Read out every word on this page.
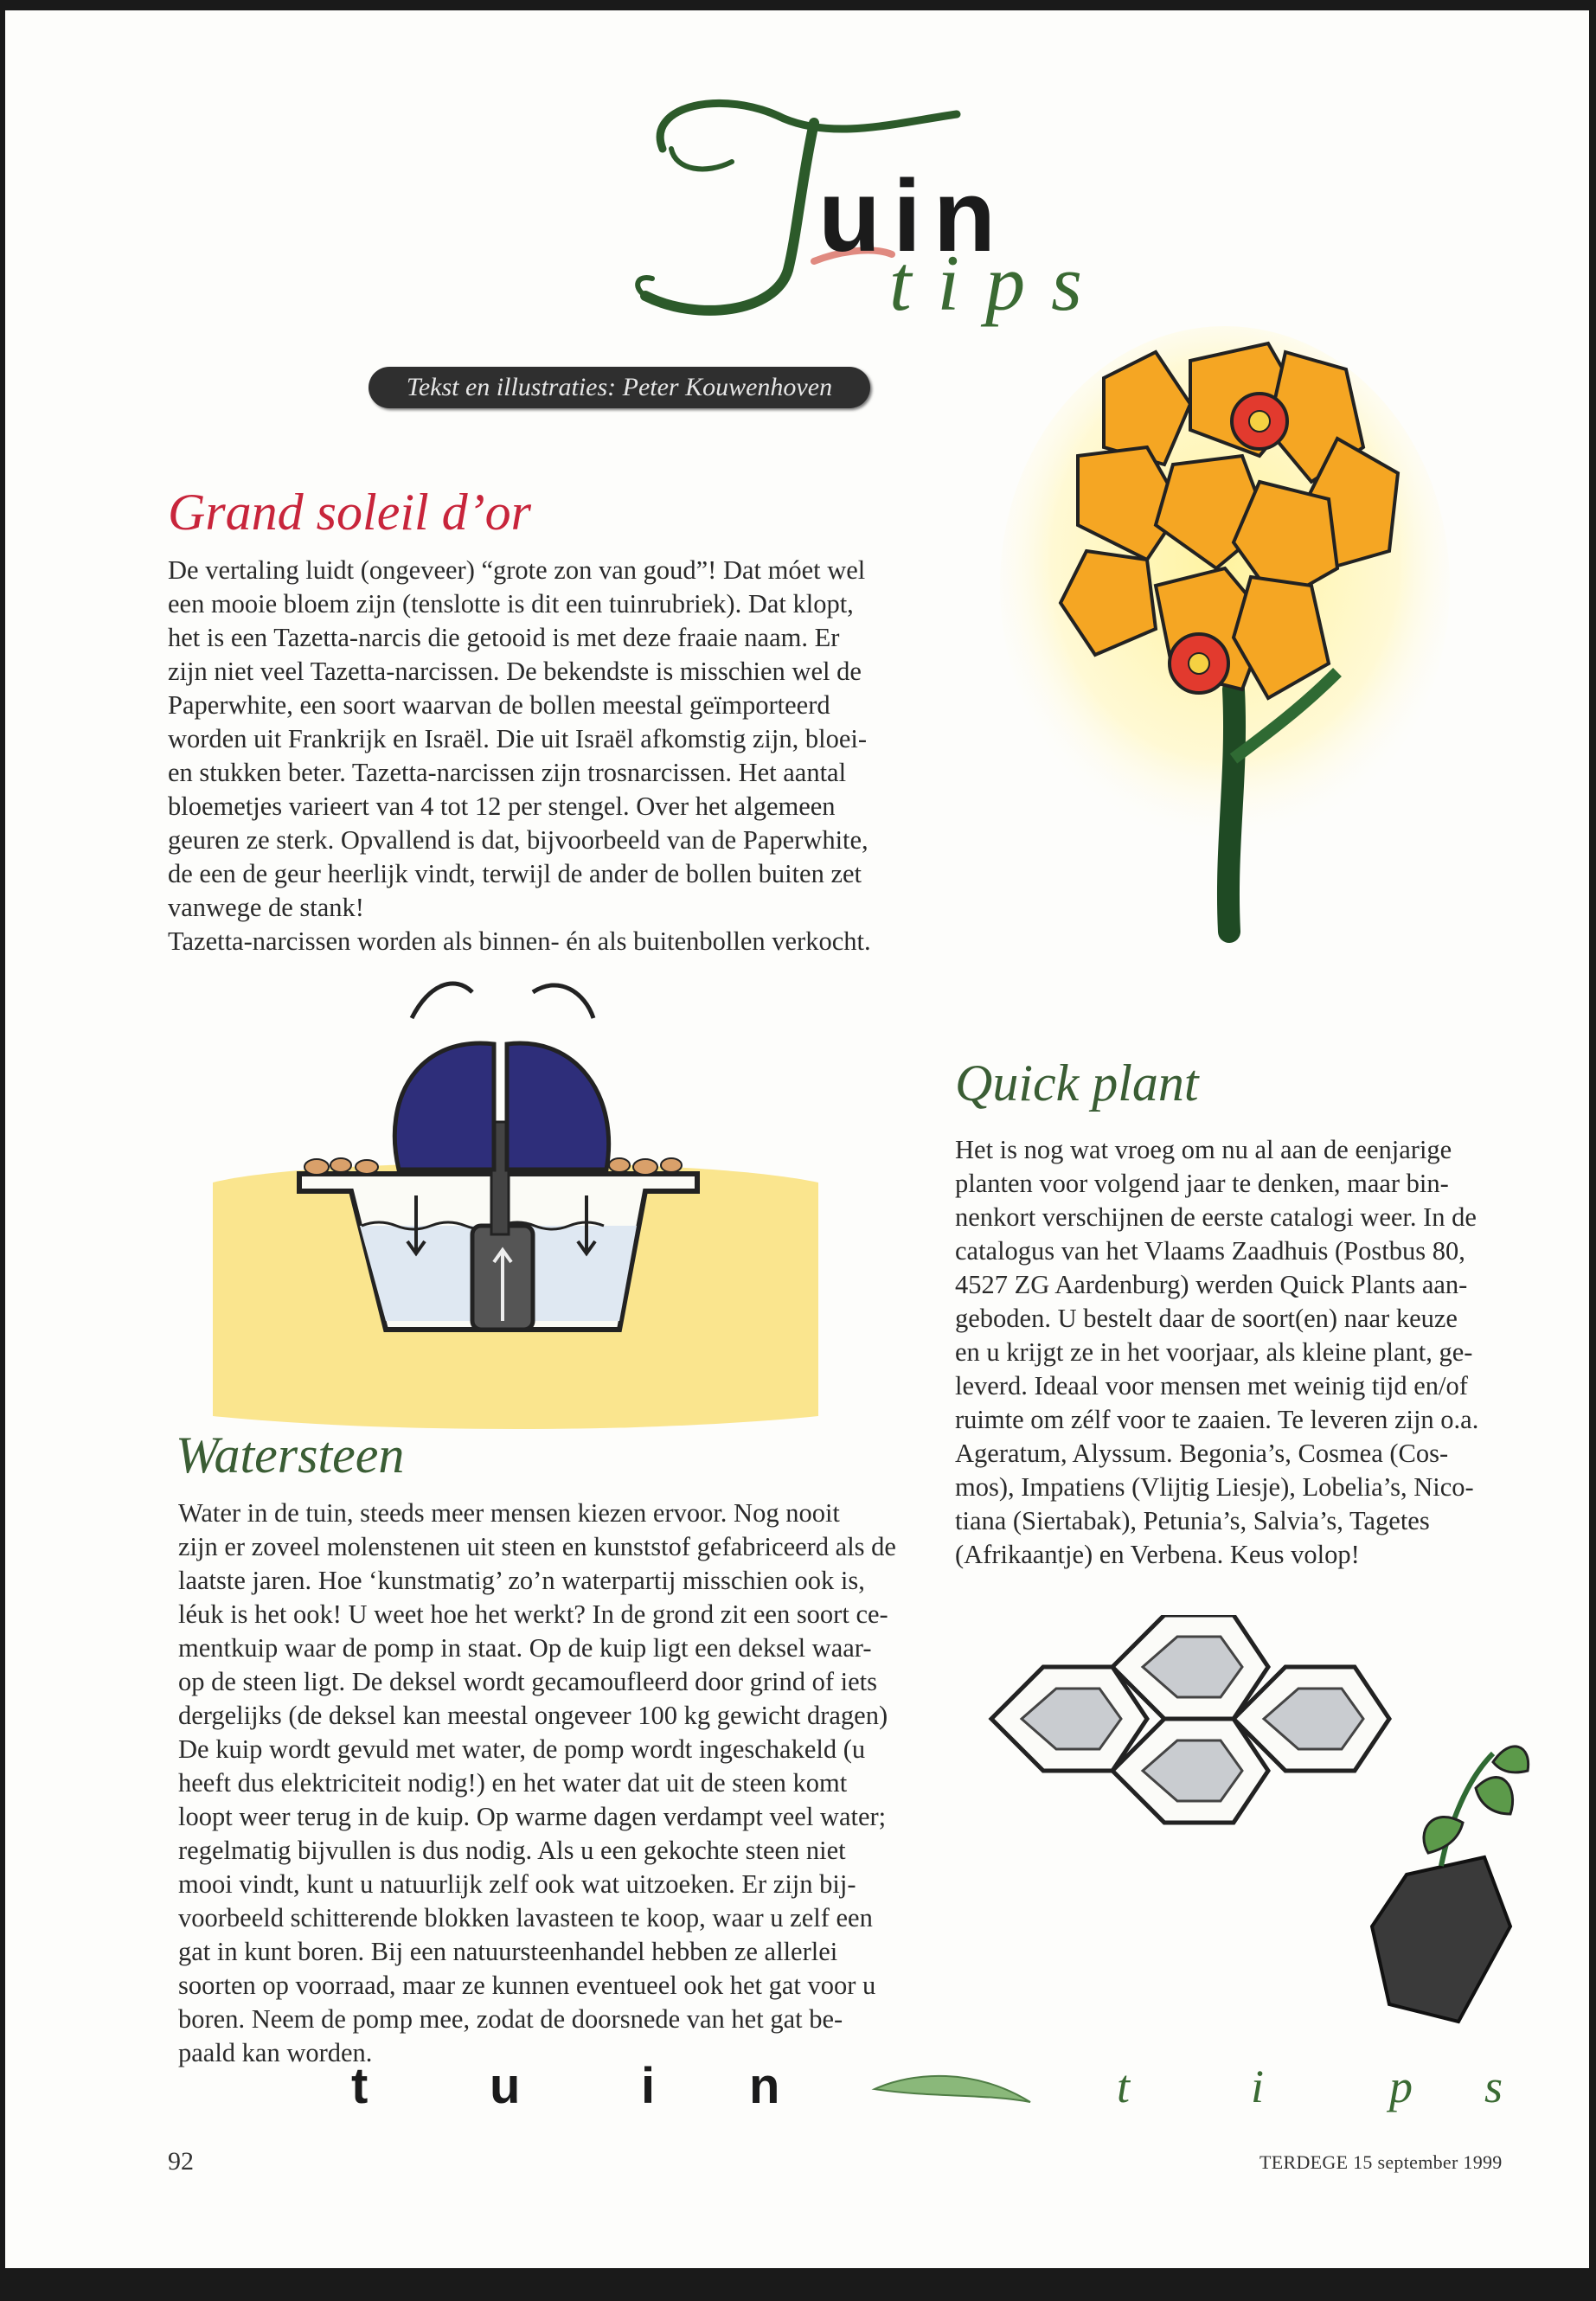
uin
tips
Tekst en illustraties: Peter Kouwenhoven
Grand soleil d’or

De vertaling luidt (ongeveer) “grote zon van goud”! Dat móet wel
een mooie bloem zijn (tenslotte is dit een tuinrubriek). Dat klopt,
het is een Tazetta-narcis die getooid is met deze fraaie naam. Er
zijn niet veel Tazetta-narcissen. De bekendste is misschien wel de
Paperwhite, een soort waarvan de bollen meestal geïmporteerd
worden uit Frankrijk en Israël. Die uit Israël afkomstig zijn, bloei-
en stukken beter. Tazetta-narcissen zijn trosnarcissen. Het aantal
bloemetjes varieert van 4 tot 12 per stengel. Over het algemeen
geuren ze sterk. Opvallend is dat, bijvoorbeeld van de Paperwhite,
de een de geur heerlijk vindt, terwijl de ander de bollen buiten zet
vanwege de stank!
Tazetta-narcissen worden als binnen- én als buitenbollen verkocht.

Quick plant

Het is nog wat vroeg om nu al aan de eenjarige
planten voor volgend jaar te denken, maar bin-
nenkort verschijnen de eerste catalogi weer. In de
catalogus van het Vlaams Zaadhuis (Postbus 80,
4527 ZG Aardenburg) werden Quick Plants aan-
geboden. U bestelt daar de soort(en) naar keuze
en u krijgt ze in het voorjaar, als kleine plant, ge-
leverd. Ideaal voor mensen met weinig tijd en/of
ruimte om zélf voor te zaaien. Te leveren zijn o.a.
Ageratum, Alyssum. Begonia’s, Cosmea (Cos-
mos), Impatiens (Vlijtig Liesje), Lobelia’s, Nico-
tiana (Siertabak), Petunia’s, Salvia’s, Tagetes
(Afrikaantje) en Verbena. Keus volop!

Watersteen

Water in de tuin, steeds meer mensen kiezen ervoor. Nog nooit
zijn er zoveel molenstenen uit steen en kunststof gefabriceerd als de
laatste jaren. Hoe ‘kunstmatig’ zo’n waterpartij misschien ook is,
léuk is het ook! U weet hoe het werkt? In de grond zit een soort ce-
mentkuip waar de pomp in staat. Op de kuip ligt een deksel waar-
op de steen ligt. De deksel wordt gecamoufleerd door grind of iets
dergelijks (de deksel kan meestal ongeveer 100 kg gewicht dragen)
De kuip wordt gevuld met water, de pomp wordt ingeschakeld (u
heeft dus elektriciteit nodig!) en het water dat uit de steen komt
loopt weer terug in de kuip. Op warme dagen verdampt veel water;
regelmatig bijvullen is dus nodig. Als u een gekochte steen niet
mooi vindt, kunt u natuurlijk zelf ook wat uitzoeken. Er zijn bij-
voorbeeld schitterende blokken lavasteen te koop, waar u zelf een
gat in kunt boren. Bij een natuursteenhandel hebben ze allerlei
soorten op voorraad, maar ze kunnen eventueel ook het gat voor u
boren. Neem de pomp mee, zodat de doorsnede van het gat be-
paald kan worden.

t u i n	t	i	p s
92	TERDEGE 15 september 1999
